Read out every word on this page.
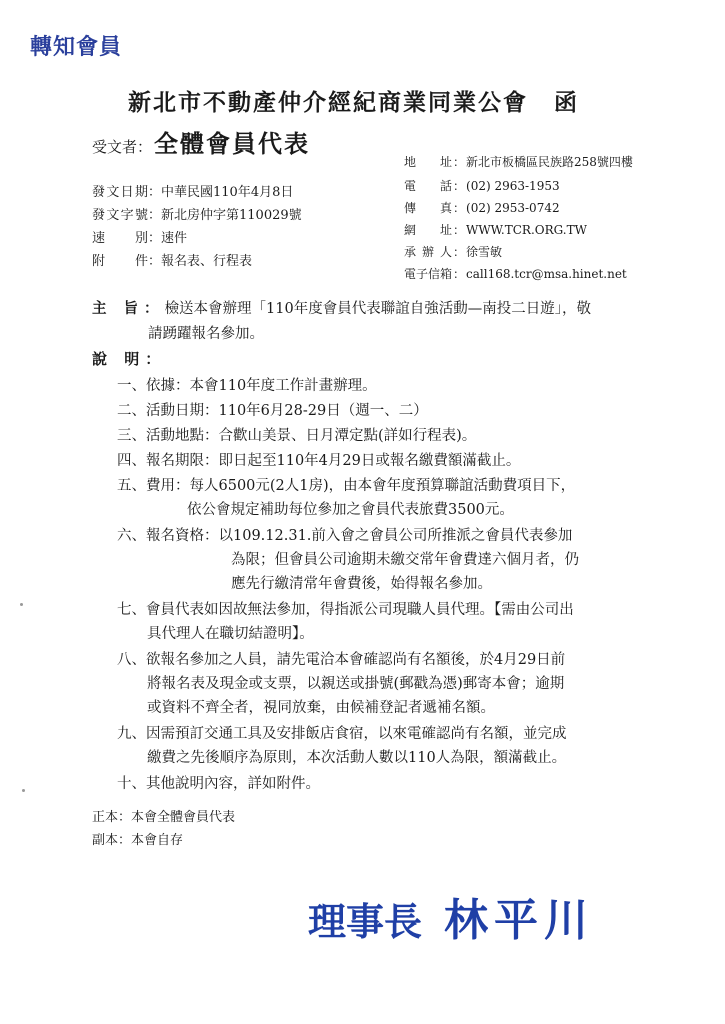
轉知會員
新北市不動產仲介經紀商業同業公會 函
受文者：全體會員代表
地 址：新北市板橋區民族路258號四樓
電 話：(02) 2963-1953
傳 真：(02) 2953-0742
網 址：WWW.TCR.ORG.TW
承辦人：徐雪敏
電子信箱：call168.tcr@msa.hinet.net
發文日期：中華民國110年4月8日
發文字號：新北房仲字第110029號
速 別：速件
附 件：報名表、行程表
主 旨：檢送本會辦理「110年度會員代表聯誼自強活動—南投二日遊」，敬
請踴躍報名參加。
說 明：
一、依據：本會110年度工作計畫辦理。
二、活動日期：110年6月28-29日（週一、二）
三、活動地點：合歡山美景、日月潭定點(詳如行程表)。
四、報名期限：即日起至110年4月29日或報名繳費額滿截止。
五、費用：每人6500元(2人1房)，由本會年度預算聯誼活動費項目下，
依公會規定補助每位參加之會員代表旅費3500元。
六、報名資格：以109.12.31.前入會之會員公司所推派之會員代表參加
為限；但會員公司逾期未繳交常年會費達六個月者，仍
應先行繳清常年會費後，始得報名參加。
七、會員代表如因故無法參加，得指派公司現職人員代理。【需由公司出
具代理人在職切結證明】。
八、欲報名參加之人員，請先電洽本會確認尚有名額後，於4月29日前
將報名表及現金或支票，以親送或掛號(郵戳為憑)郵寄本會；逾期
或資料不齊全者，視同放棄，由候補登記者遞補名額。
九、因需預訂交通工具及安排飯店食宿，以來電確認尚有名額，並完成
繳費之先後順序為原則，本次活動人數以110人為限，額滿截止。
十、其他說明內容，詳如附件。
正本：本會全體會員代表
副本：本會自存
理事長 林平川
